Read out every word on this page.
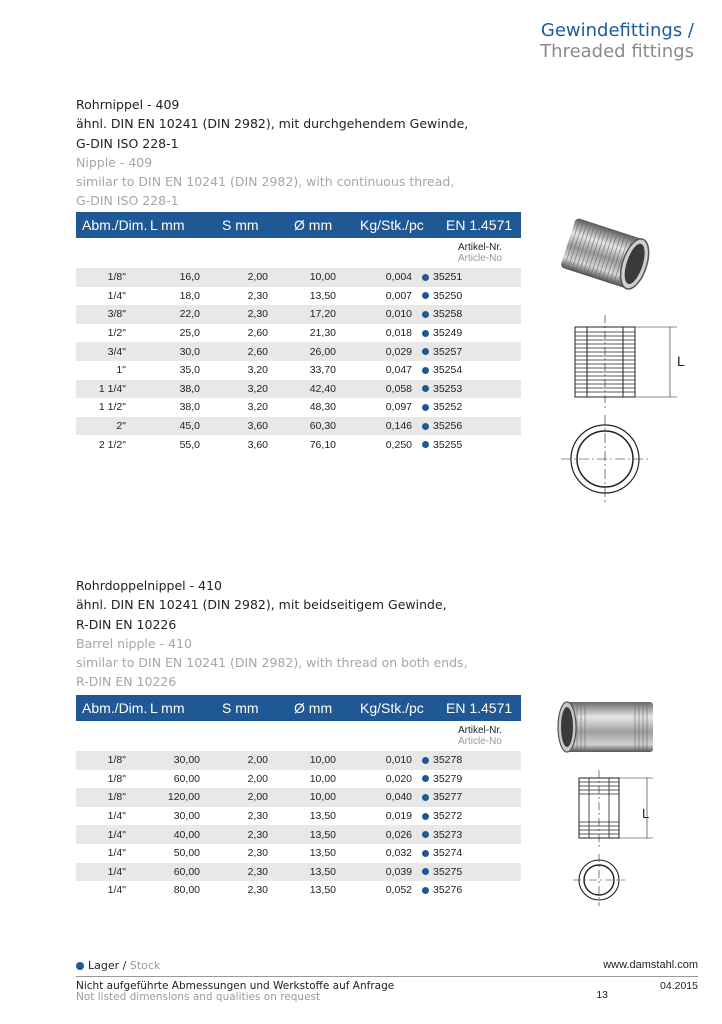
Gewindefittings /
Threaded fittings
Rohrnippel - 409
ähnl. DIN EN 10241 (DIN 2982), mit durchgehendem Gewinde,
G-DIN ISO 228-1
Nipple - 409
similar to DIN EN 10241 (DIN 2982), with continuous thread,
G-DIN ISO 228-1
Abm./Dim. L mm	S mm	Ø mm	Kg/Stk./pc	EN 1.4571
Artikel-Nr.
Article-No
1/8"	16,0	2,00	10,00	0,004	35251
1/4"	18,0	2,30	13,50	0,007	35250
3/8"	22,0	2,30	17,20	0,010	35258
1/2"	25,0	2,60	21,30	0,018	35249
3/4"	30,0	2,60	26,00	0,029	35257
1"	35,0	3,20	33,70	0,047	35254
1 1/4"	38,0	3,20	42,40	0,058	35253
1 1/2"	38,0	3,20	48,30	0,097	35252
2"	45,0	3,60	60,30	0,146	35256
2 1/2"	55,0	3,60	76,10	0,250	35255
L
Rohrdoppelnippel - 410
ähnl. DIN EN 10241 (DIN 2982), mit beidseitigem Gewinde,
R-DIN EN 10226
Barrel nipple - 410
similar to DIN EN 10241 (DIN 2982), with thread on both ends,
R-DIN EN 10226
Abm./Dim. L mm	S mm	Ø mm	Kg/Stk./pc	EN 1.4571
Artikel-Nr.
Article-No
1/8"	30,00	2,00	10,00	0,010	35278
1/8"	60,00	2,00	10,00	0,020	35279
1/8"	120,00	2,00	10,00	0,040	35277
1/4"	30,00	2,30	13,50	0,019	35272
1/4"	40,00	2,30	13,50	0,026	35273
1/4"	50,00	2,30	13,50	0,032	35274
1/4"	60,00	2,30	13,50	0,039	35275
1/4"	80,00	2,30	13,50	0,052	35276
L
Lager / Stock	www.damstahl.com
Nicht aufgeführte Abmessungen und Werkstoffe auf Anfrage
Not listed dimensions and qualities on request
04.2015
13
